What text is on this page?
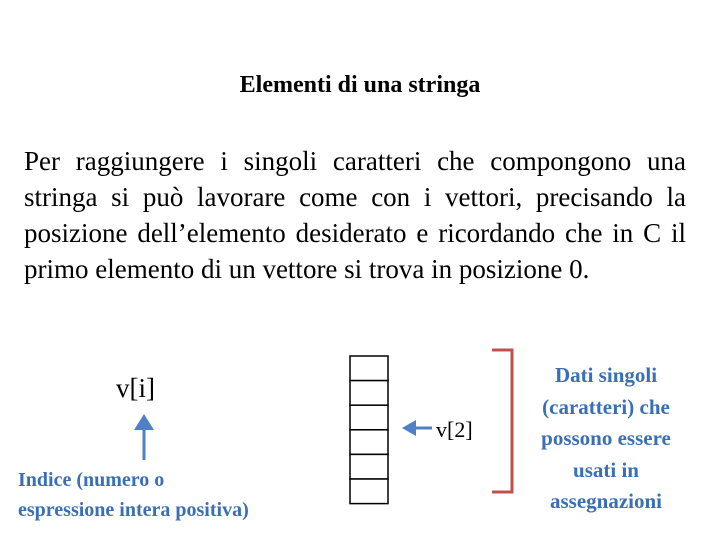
Elementi di una stringa
Per raggiungere i singoli caratteri che compongono una stringa si può lavorare come con i vettori, precisando la posizione dell’elemento desiderato e ricordando che in C il primo elemento di un vettore si trova in posizione 0.
v[i]
Indice (numero o
espressione intera positiva)
v[2]
Dati singoli
(caratteri) che
possono essere
usati in
assegnazioni
